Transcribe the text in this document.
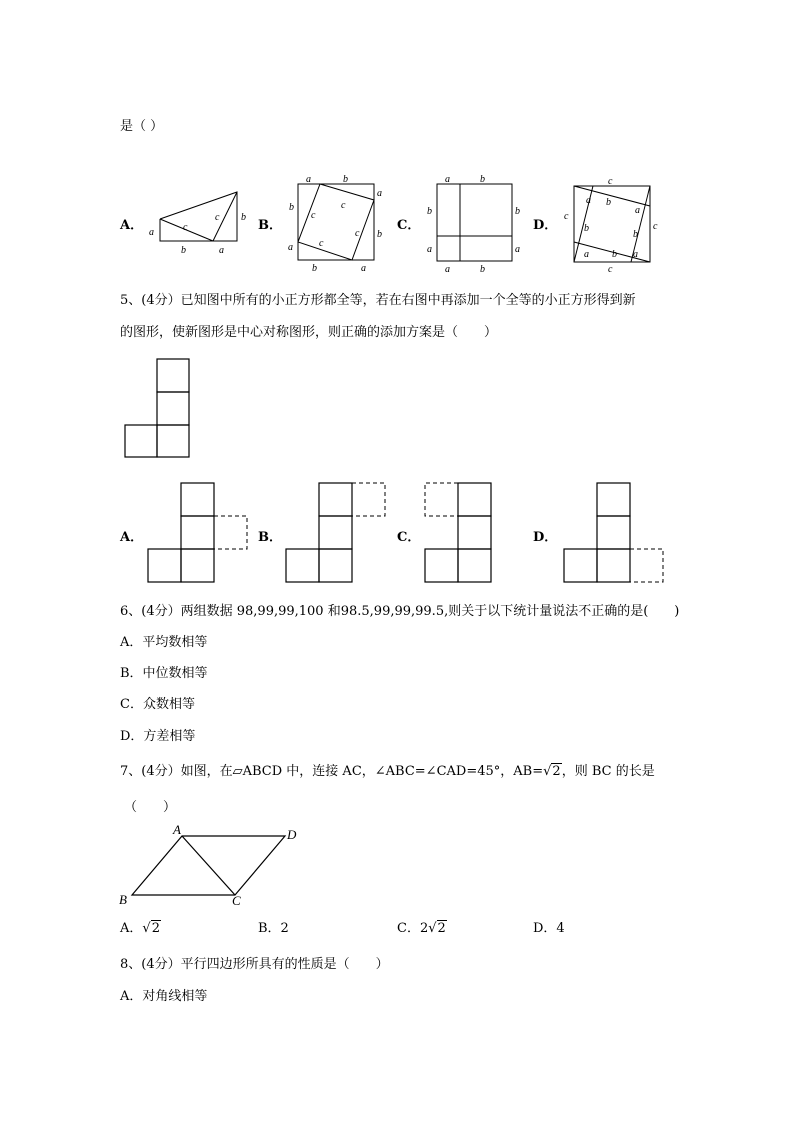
是（ ）
A．	B．	C．	D．
a
b
c
c b
a
a	b
b
a
a
b
b	a
c
c
c
c
a	b
b
a
b
a
a	b
c
c
c
c
a b
a
b
b
a b a
5、(4分）已知图中所有的小正方形都全等，若在右图中再添加一个全等的小正方形得到新
的图形，使新图形是中心对称图形，则正确的添加方案是（　　）
A．	B．	C．	D．
6、(4分）两组数据 98,99,99,100 和98.5,99,99,99.5,则关于以下统计量说法不正确的是(　　)
A．平均数相等
B．中位数相等
C．众数相等
D．方差相等
7、(4分）如图，在▱ABCD 中，连接 AC，∠ABC=∠CAD=45°，AB=√2，则 BC 的长是
（　　）
A	D
B	C
A．√2	B．2	C．2√2	D．4
8、(4分）平行四边形所具有的性质是（　　）
A．对角线相等
